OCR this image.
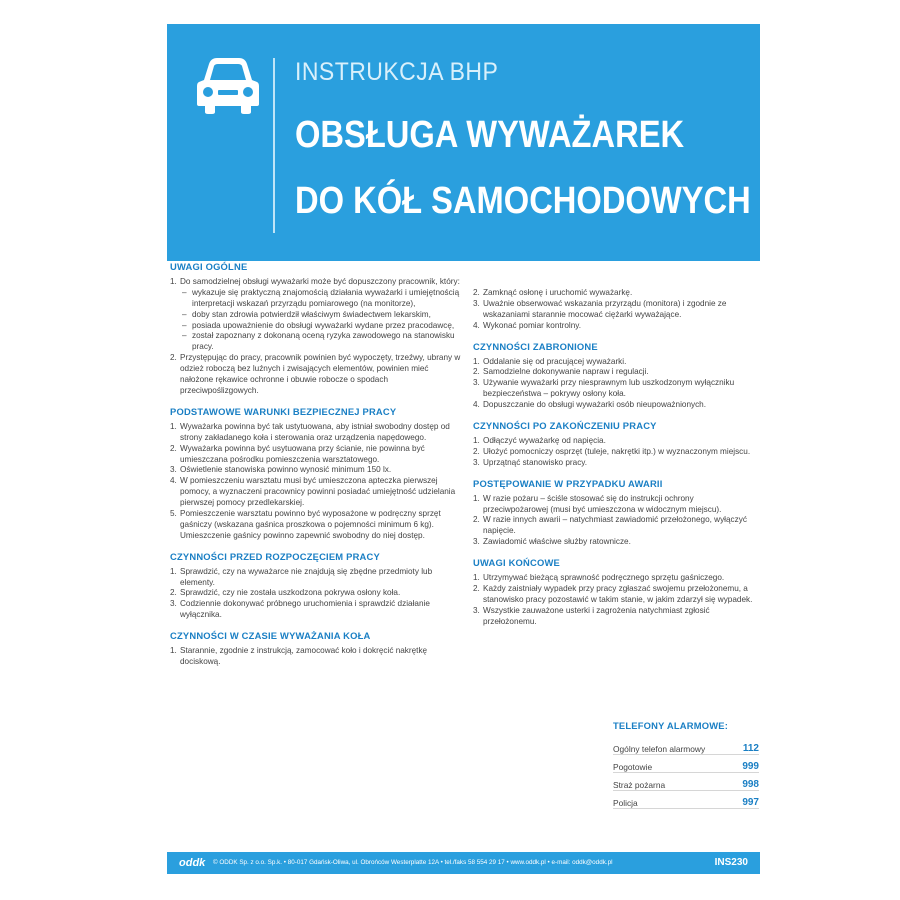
INSTRUKCJA BHP
OBSŁUGA WYWAŻAREK
DO KÓŁ SAMOCHODOWYCH
UWAGI OGÓLNE
1. Do samodzielnej obsługi wyważarki może być dopuszczony pracownik, który:
– wykazuje się praktyczną znajomością działania wyważarki i umiejętnością interpretacji wskazań przyrządu pomiarowego (na monitorze),
– doby stan zdrowia potwierdził właściwym świadectwem lekarskim,
– posiada upoważnienie do obsługi wyważarki wydane przez pracodawcę,
– został zapoznany z dokonaną oceną ryzyka zawodowego na stanowisku pracy.
2. Przystępując do pracy, pracownik powinien być wypoczęty, trzeźwy, ubrany w odzież roboczą bez luźnych i zwisających elementów, powinien mieć nałożone rękawice ochronne i obuwie robocze o spodach przeciwpoślizgowych.
PODSTAWOWE WARUNKI BEZPIECZNEJ PRACY
1. Wyważarka powinna być tak ustytuowana, aby istniał swobodny dostęp od strony zakładanego koła i sterowania oraz urządzenia napędowego.
2. Wyważarka powinna być usytuowana przy ścianie, nie powinna być umieszczana pośrodku pomieszczenia warsztatowego.
3. Oświetlenie stanowiska powinno wynosić minimum 150 lx.
4. W pomieszczeniu warsztatu musi być umieszczona apteczka pierwszej pomocy, a wyznaczeni pracownicy powinni posiadać umiejętność udzielania pierwszej pomocy przedlekarskiej.
5. Pomieszczenie warsztatu powinno być wyposażone w podręczny sprzęt gaśniczy (wskazana gaśnica proszkowa o pojemności minimum 6 kg). Umieszczenie gaśnicy powinno zapewnić swobodny do niej dostęp.
CZYNNOŚCI PRZED ROZPOCZĘCIEM PRACY
1. Sprawdzić, czy na wyważarce nie znajdują się zbędne przedmioty lub elementy.
2. Sprawdzić, czy nie została uszkodzona pokrywa osłony koła.
3. Codziennie dokonywać próbnego uruchomienia i sprawdzić działanie wyłącznika.
CZYNNOŚCI W CZASIE WYWAŻANIA KOŁA
1. Starannie, zgodnie z instrukcją, zamocować koło i dokręcić nakrętkę dociskową.
2. Zamknąć osłonę i uruchomić wyważarkę.
3. Uważnie obserwować wskazania przyrządu (monitora) i zgodnie ze wskazaniami starannie mocować ciężarki wyważające.
4. Wykonać pomiar kontrolny.
CZYNNOŚCI ZABRONIONE
1. Oddalanie się od pracującej wyważarki.
2. Samodzielne dokonywanie napraw i regulacji.
3. Używanie wyważarki przy niesprawnym lub uszkodzonym wyłączniku bezpieczeństwa – pokrywy osłony koła.
4. Dopuszczanie do obsługi wyważarki osób nieupoważnionych.
CZYNNOŚCI PO ZAKOŃCZENIU PRACY
1. Odłączyć wyważarkę od napięcia.
2. Ułożyć pomocniczy osprzęt (tuleje, nakrętki itp.) w wyznaczonym miejscu.
3. Uprzątnąć stanowisko pracy.
POSTĘPOWANIE W PRZYPADKU AWARII
1. W razie pożaru – ściśle stosować się do instrukcji ochrony przeciwpożarowej (musi być umieszczona w widocznym miejscu).
2. W razie innych awarii – natychmiast zawiadomić przełożonego, wyłączyć napięcie.
3. Zawiadomić właściwe służby ratownicze.
UWAGI KOŃCOWE
1. Utrzymywać bieżącą sprawność podręcznego sprzętu gaśniczego.
2. Każdy zaistniały wypadek przy pracy zgłaszać swojemu przełożonemu, a stanowisko pracy pozostawić w takim stanie, w jakim zdarzył się wypadek.
3. Wszystkie zauważone usterki i zagrożenia natychmiast zgłosić przełożonemu.
TELEFONY ALARMOWE:
Ogólny telefon alarmowy	112
Pogotowie	999
Straż pożarna	998
Policja	997
oddk © ODDK Sp. z o.o. Sp.k. • 80-017 Gdańsk-Oliwa, ul. Obrońców Westerplatte 12A • tel./faks 58 554 29 17 • www.oddk.pl • e-mail: oddk@oddk.pl	INS230
